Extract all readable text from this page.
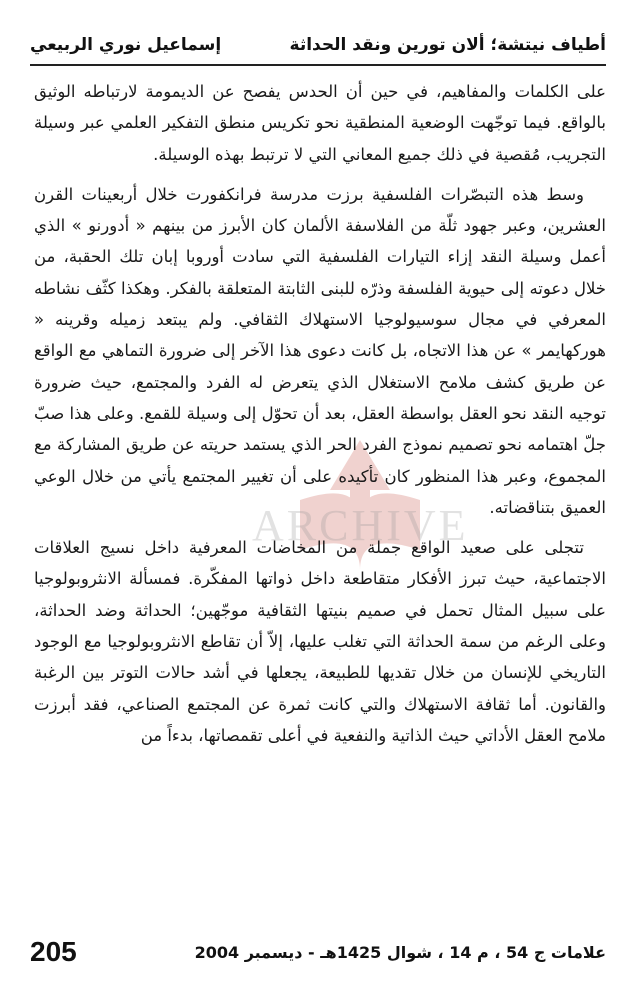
أطياف نيتشة؛ ألان تورين ونقد الحداثة
إسماعيل نوري الربيعي
ARCHIVE

على الكلمات والمفاهيم، في حين أن الحدس يفصح عن الديمومة لارتباطه الوثيق بالواقع. فيما توجّهت الوضعية المنطقية نحو تكريس منطق التفكير العلمي عبر وسيلة التجريب، مُقصية في ذلك جميع المعاني التي لا ترتبط بهذه الوسيلة.

وسط هذه التبصّرات الفلسفية برزت مدرسة فرانكفورت خلال أربعينات القرن العشرين، وعبر جهود ثلّة من الفلاسفة الألمان كان الأبرز من بينهم « أدورنو » الذي أعمل وسيلة النقد إزاء التيارات الفلسفية التي سادت أوروبا إبان تلك الحقبة، من خلال دعوته إلى حيوية الفلسفة وذرّه للبنى الثابتة المتعلقة بالفكر. وهكذا كثّف نشاطه المعرفي في مجال سوسيولوجيا الاستهلاك الثقافي. ولم يبتعد زميله وقرينه « هوركهايمر » عن هذا الاتجاه، بل كانت دعوى هذا الآخر إلى ضرورة التماهي مع الواقع عن طريق كشف ملامح الاستغلال الذي يتعرض له الفرد والمجتمع، حيث ضرورة توجيه النقد نحو العقل بواسطة العقل، بعد أن تحوّل إلى وسيلة للقمع. وعلى هذا صبّ جلّ اهتمامه نحو تصميم نموذج الفرد الحر الذي يستمد حريته عن طريق المشاركة مع المجموع، وعبر هذا المنظور كان تأكيده على أن تغيير المجتمع يأتي من خلال الوعي العميق بتناقضاته.

تتجلى على صعيد الواقع جملة من المخاضات المعرفية داخل نسيج العلاقات الاجتماعية، حيث تبرز الأفكار متقاطعة داخل ذواتها المفكّرة. فمسألة الانثروبولوجيا على سبيل المثال تحمل في صميم بنيتها الثقافية موجّهين؛ الحداثة وضد الحداثة، وعلى الرغم من سمة الحداثة التي تغلب عليها، إلاّ أن تقاطع الانثروبولوجيا مع الوجود التاريخي للإنسان من خلال تقديها للطبيعة، يجعلها في أشد حالات التوتر بين الرغبة والقانون. أما ثقافة الاستهلاك والتي كانت ثمرة عن المجتمع الصناعي، فقد أبرزت ملامح العقل الأداتي حيث الذاتية والنفعية في أعلى تقمصاتها، بدءاً من

علامات ج 54 ، م 14 ، شوال 1425هـ - ديسمبر 2004
205
